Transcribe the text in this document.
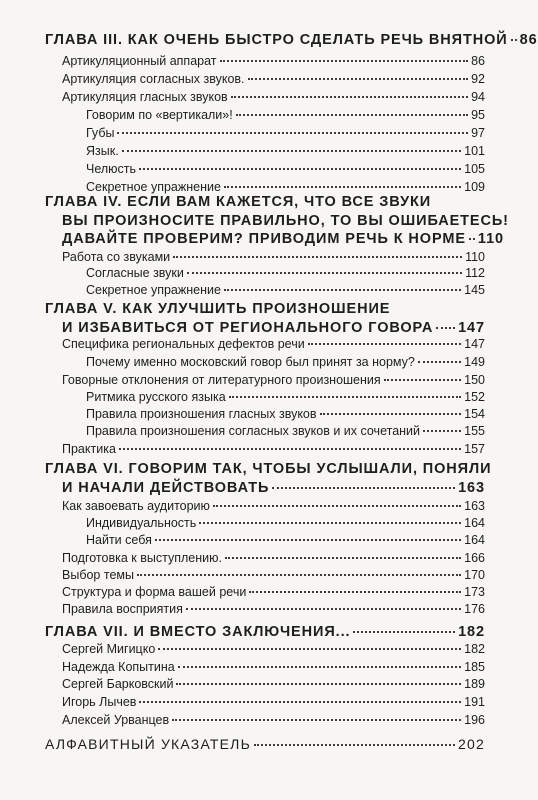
ГЛАВА III. КАК ОЧЕНЬ БЫСТРО СДЕЛАТЬ РЕЧЬ ВНЯТНОЙ 86
Артикуляционный аппарат	86
Артикуляция согласных звуков.	92
Артикуляция гласных звуков	94
Говорим по «вертикали»!	95
Губы	97
Язык.	101
Челюсть	105
Секретное упражнение	109
ГЛАВА IV. ЕСЛИ ВАМ КАЖЕТСЯ, ЧТО ВСЕ ЗВУКИ
ВЫ ПРОИЗНОСИТЕ ПРАВИЛЬНО, ТО ВЫ ОШИБАЕТЕСЬ!
ДАВАЙТЕ ПРОВЕРИМ? ПРИВОДИМ РЕЧЬ К НОРМЕ 110
Работа со звуками	110
Согласные звуки	112
Секретное упражнение	145
ГЛАВА V. КАК УЛУЧШИТЬ ПРОИЗНОШЕНИЕ
И ИЗБАВИТЬСЯ ОТ РЕГИОНАЛЬНОГО ГОВОРА 147
Специфика региональных дефектов речи	147
Почему именно московский говор был принят за норму?	149
Говорные отклонения от литературного произношения	150
Ритмика русского языка	152
Правила произношения гласных звуков	154
Правила произношения согласных звуков и их сочетаний	155
Практика	157
ГЛАВА VI. ГОВОРИМ ТАК, ЧТОБЫ УСЛЫШАЛИ, ПОНЯЛИ
И НАЧАЛИ ДЕЙСТВОВАТЬ	163
Как завоевать аудиторию	163
Индивидуальность	164
Найти себя	164
Подготовка к выступлению.	166
Выбор темы	170
Структура и форма вашей речи	173
Правила восприятия	176
ГЛАВА VII. И ВМЕСТО ЗАКЛЮЧЕНИЯ...	182
Сергей Мигицко	182
Надежда Копытина	185
Сергей Барковский	189
Игорь Лычев	191
Алексей Урванцев	196
АЛФАВИТНЫЙ УКАЗАТЕЛЬ	202
